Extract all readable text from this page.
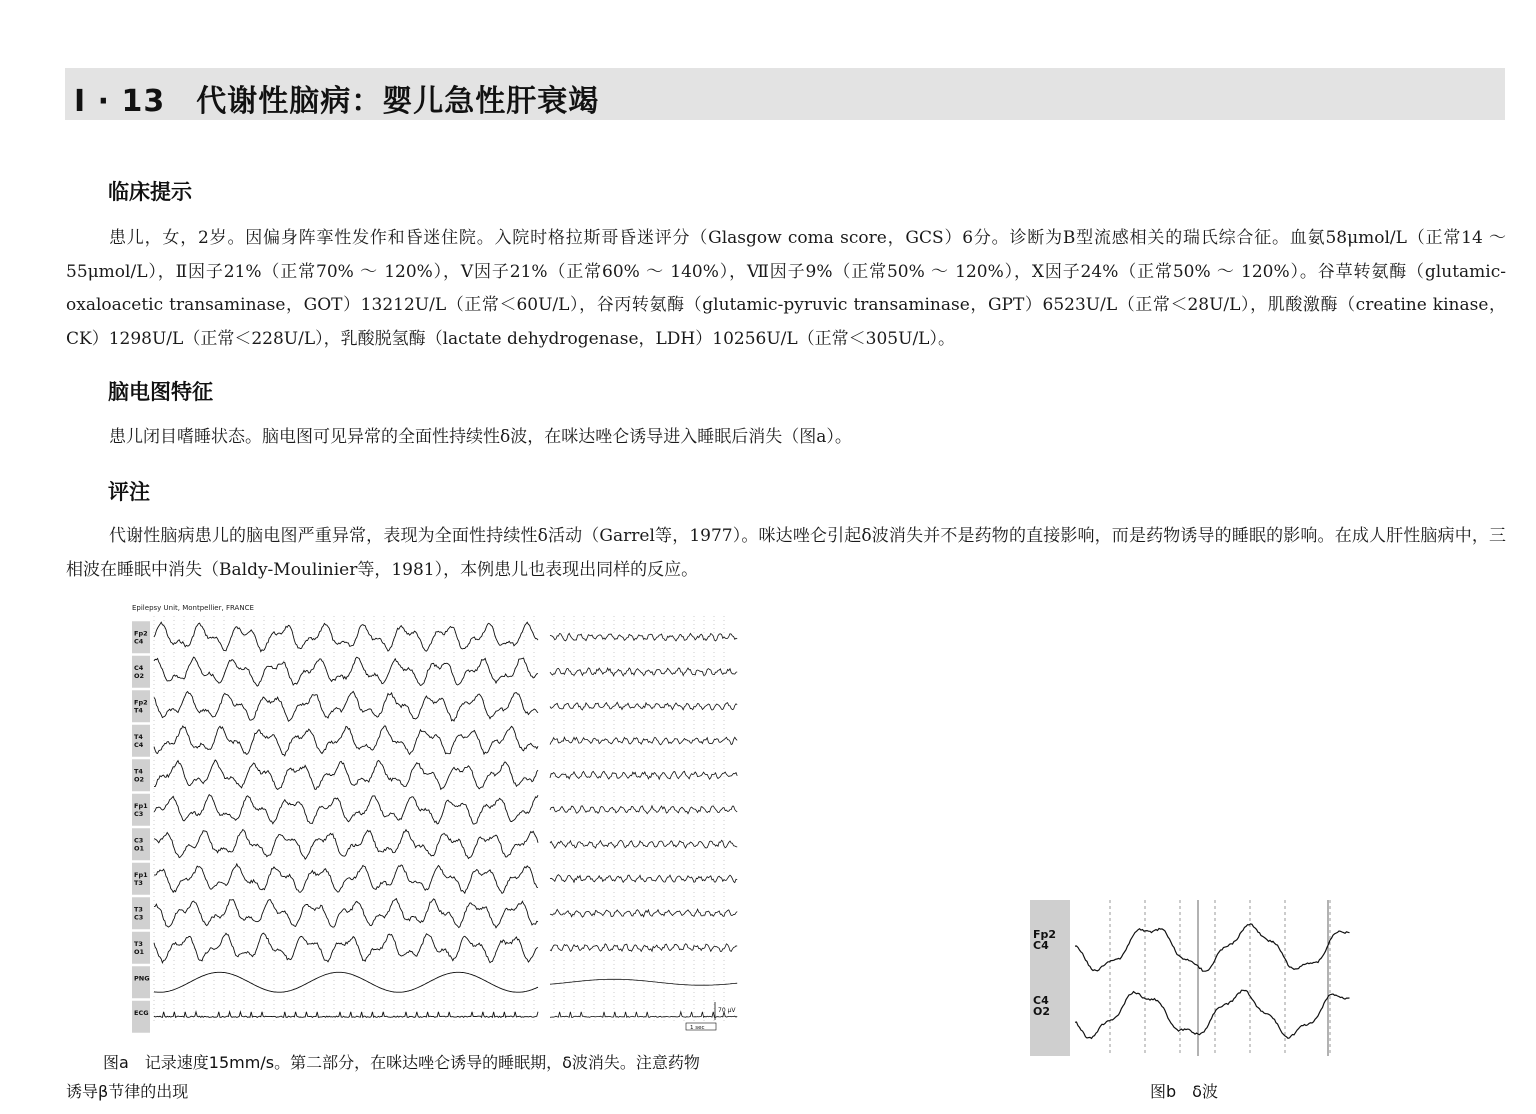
Ⅰ · 13　代谢性脑病：婴儿急性肝衰竭
临床提示
患儿，女，2岁。因偏身阵挛性发作和昏迷住院。入院时格拉斯哥昏迷评分（Glasgow coma score，GCS）6分。诊断为B型流感相关的瑞氏综合征。血氨58μmol/L（正常14 ～ 55μmol/L），Ⅱ因子21%（正常70% ～ 120%），Ⅴ因子21%（正常60% ～ 140%），Ⅶ因子9%（正常50% ～ 120%），Ⅹ因子24%（正常50% ～ 120%）。谷草转氨酶（glutamic-oxaloacetic transaminase，GOT）13212U/L（正常＜60U/L），谷丙转氨酶（glutamic-pyruvic transaminase，GPT）6523U/L（正常＜28U/L），肌酸激酶（creatine kinase，CK）1298U/L（正常＜228U/L），乳酸脱氢酶（lactate dehydrogenase，LDH）10256U/L（正常＜305U/L）。
脑电图特征
患儿闭目嗜睡状态。脑电图可见异常的全面性持续性δ波，在咪达唑仑诱导进入睡眠后消失（图a）。
评注
代谢性脑病患儿的脑电图严重异常，表现为全面性持续性δ活动（Garrel等，1977）。咪达唑仑引起δ波消失并不是药物的直接影响，而是药物诱导的睡眠的影响。在成人肝性脑病中，三相波在睡眠中消失（Baldy-Moulinier等，1981），本例患儿也表现出同样的反应。
Epilepsy Unit, Montpellier, FRANCE
Fp2
C4
C4
O2
Fp2
T4
T4
C4
T4
O2
Fp1
C3
C3
O1
Fp1
T3
T3
C3
T3
O1
PNG
ECG	70 μV
1 sec
图a　记录速度15mm/s。第二部分，在咪达唑仑诱导的睡眠期，δ波消失。注意药物
诱导β节律的出现
Fp2
C4
C4
O2
图b　δ波
